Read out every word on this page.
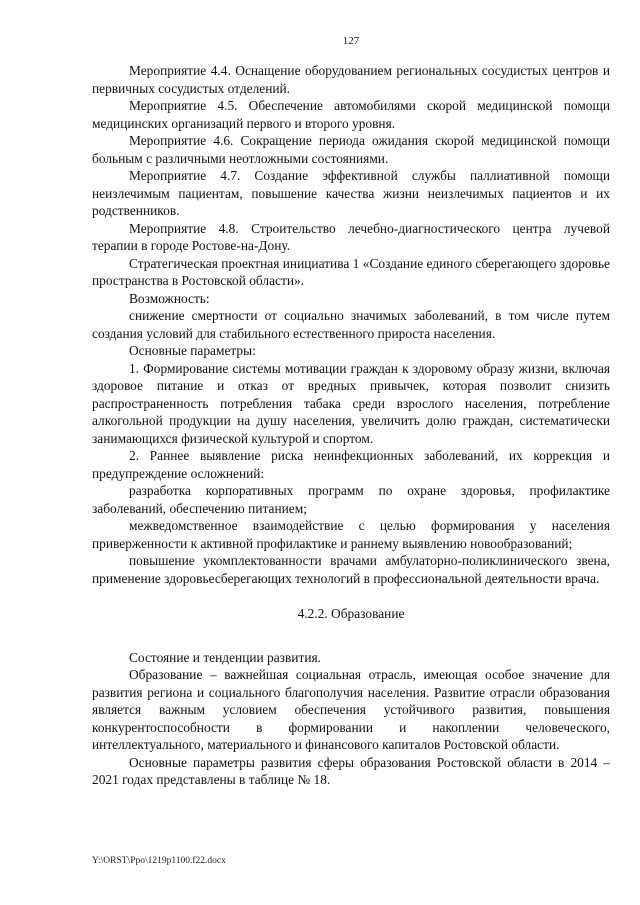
127

Мероприятие 4.4. Оснащение оборудованием региональных сосудистых центров и первичных сосудистых отделений.

Мероприятие 4.5. Обеспечение автомобилями скорой медицинской помощи медицинских организаций первого и второго уровня.

Мероприятие 4.6. Сокращение периода ожидания скорой медицинской помощи больным с различными неотложными состояниями.

Мероприятие 4.7. Создание эффективной службы паллиативной помощи неизлечимым пациентам, повышение качества жизни неизлечимых пациентов и их родственников.

Мероприятие 4.8. Строительство лечебно-диагностического центра лучевой терапии в городе Ростове-на-Дону.

Стратегическая проектная инициатива 1 «Создание единого сберегающего здоровье пространства в Ростовской области».

Возможность:

снижение смертности от социально значимых заболеваний, в том числе путем создания условий для стабильного естественного прироста населения.

Основные параметры:

1. Формирование системы мотивации граждан к здоровому образу жизни, включая здоровое питание и отказ от вредных привычек, которая позволит снизить распространенность потребления табака среди взрослого населения, потребление алкогольной продукции на душу населения, увеличить долю граждан, систематически занимающихся физической культурой и спортом.

2. Раннее выявление риска неинфекционных заболеваний, их коррекция и предупреждение осложнений:

разработка корпоративных программ по охране здоровья, профилактике заболеваний, обеспечению питанием;

межведомственное взаимодействие с целью формирования у населения приверженности к активной профилактике и раннему выявлению новообразований;

повышение укомплектованности врачами амбулаторно-поликлинического звена, применение здоровьесберегающих технологий в профессиональной деятельности врача.

4.2.2. Образование

Состояние и тенденции развития.

Образование – важнейшая социальная отрасль, имеющая особое значение для развития региона и социального благополучия населения. Развитие отрасли образования является важным условием обеспечения устойчивого развития, повышения конкурентоспособности в формировании и накоплении человеческого, интеллектуального, материального и финансового капиталов Ростовской области.

Основные параметры развития сферы образования Ростовской области в 2014 – 2021 годах представлены в таблице № 18.

Y:\ORST\Ppo\1219p1100.f22.docx
